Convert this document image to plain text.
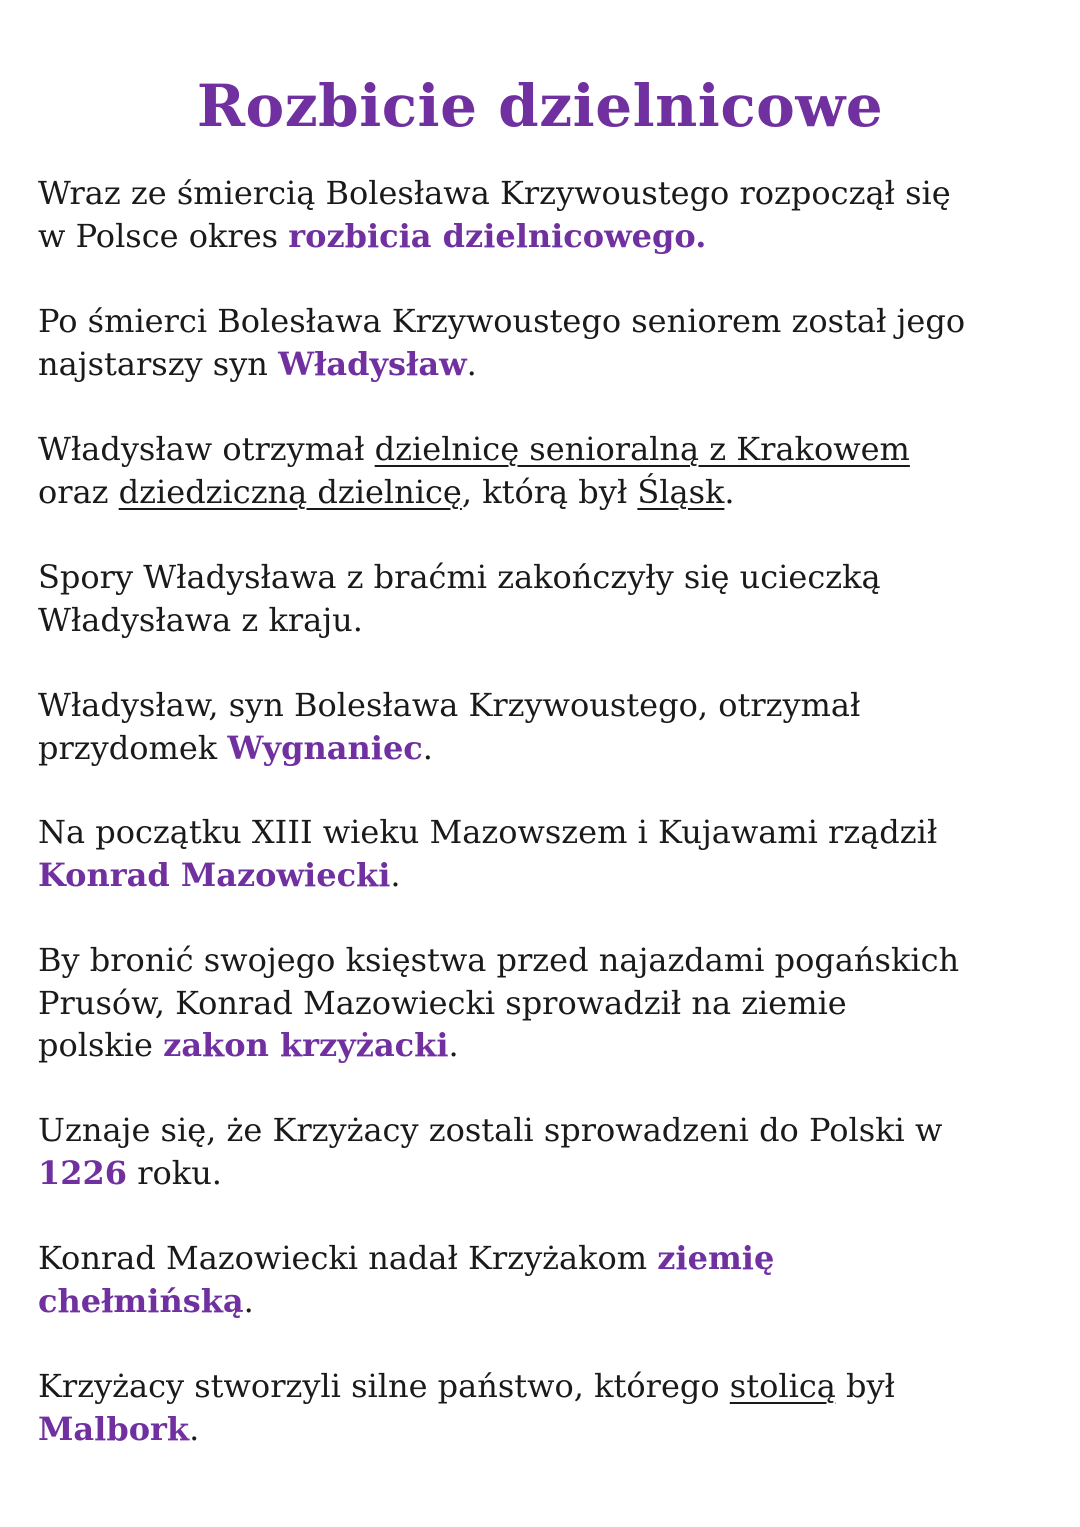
Rozbicie dzielnicowe

Wraz ze śmiercią Bolesława Krzywoustego rozpoczął się
w Polsce okres rozbicia dzielnicowego.

Po śmierci Bolesława Krzywoustego seniorem został jego
najstarszy syn Władysław.

Władysław otrzymał dzielnicę senioralną z Krakowem
oraz dziedziczną dzielnicę, którą był Śląsk.

Spory Władysława z braćmi zakończyły się ucieczką
Władysława z kraju.

Władysław, syn Bolesława Krzywoustego, otrzymał
przydomek Wygnaniec.

Na początku XIII wieku Mazowszem i Kujawami rządził
Konrad Mazowiecki.

By bronić swojego księstwa przed najazdami pogańskich
Prusów, Konrad Mazowiecki sprowadził na ziemie
polskie zakon krzyżacki.

Uznaje się, że Krzyżacy zostali sprowadzeni do Polski w
1226 roku.

Konrad Mazowiecki nadał Krzyżakom ziemię
chełmińską.

Krzyżacy stworzyli silne państwo, którego stolicą był
Malbork.
